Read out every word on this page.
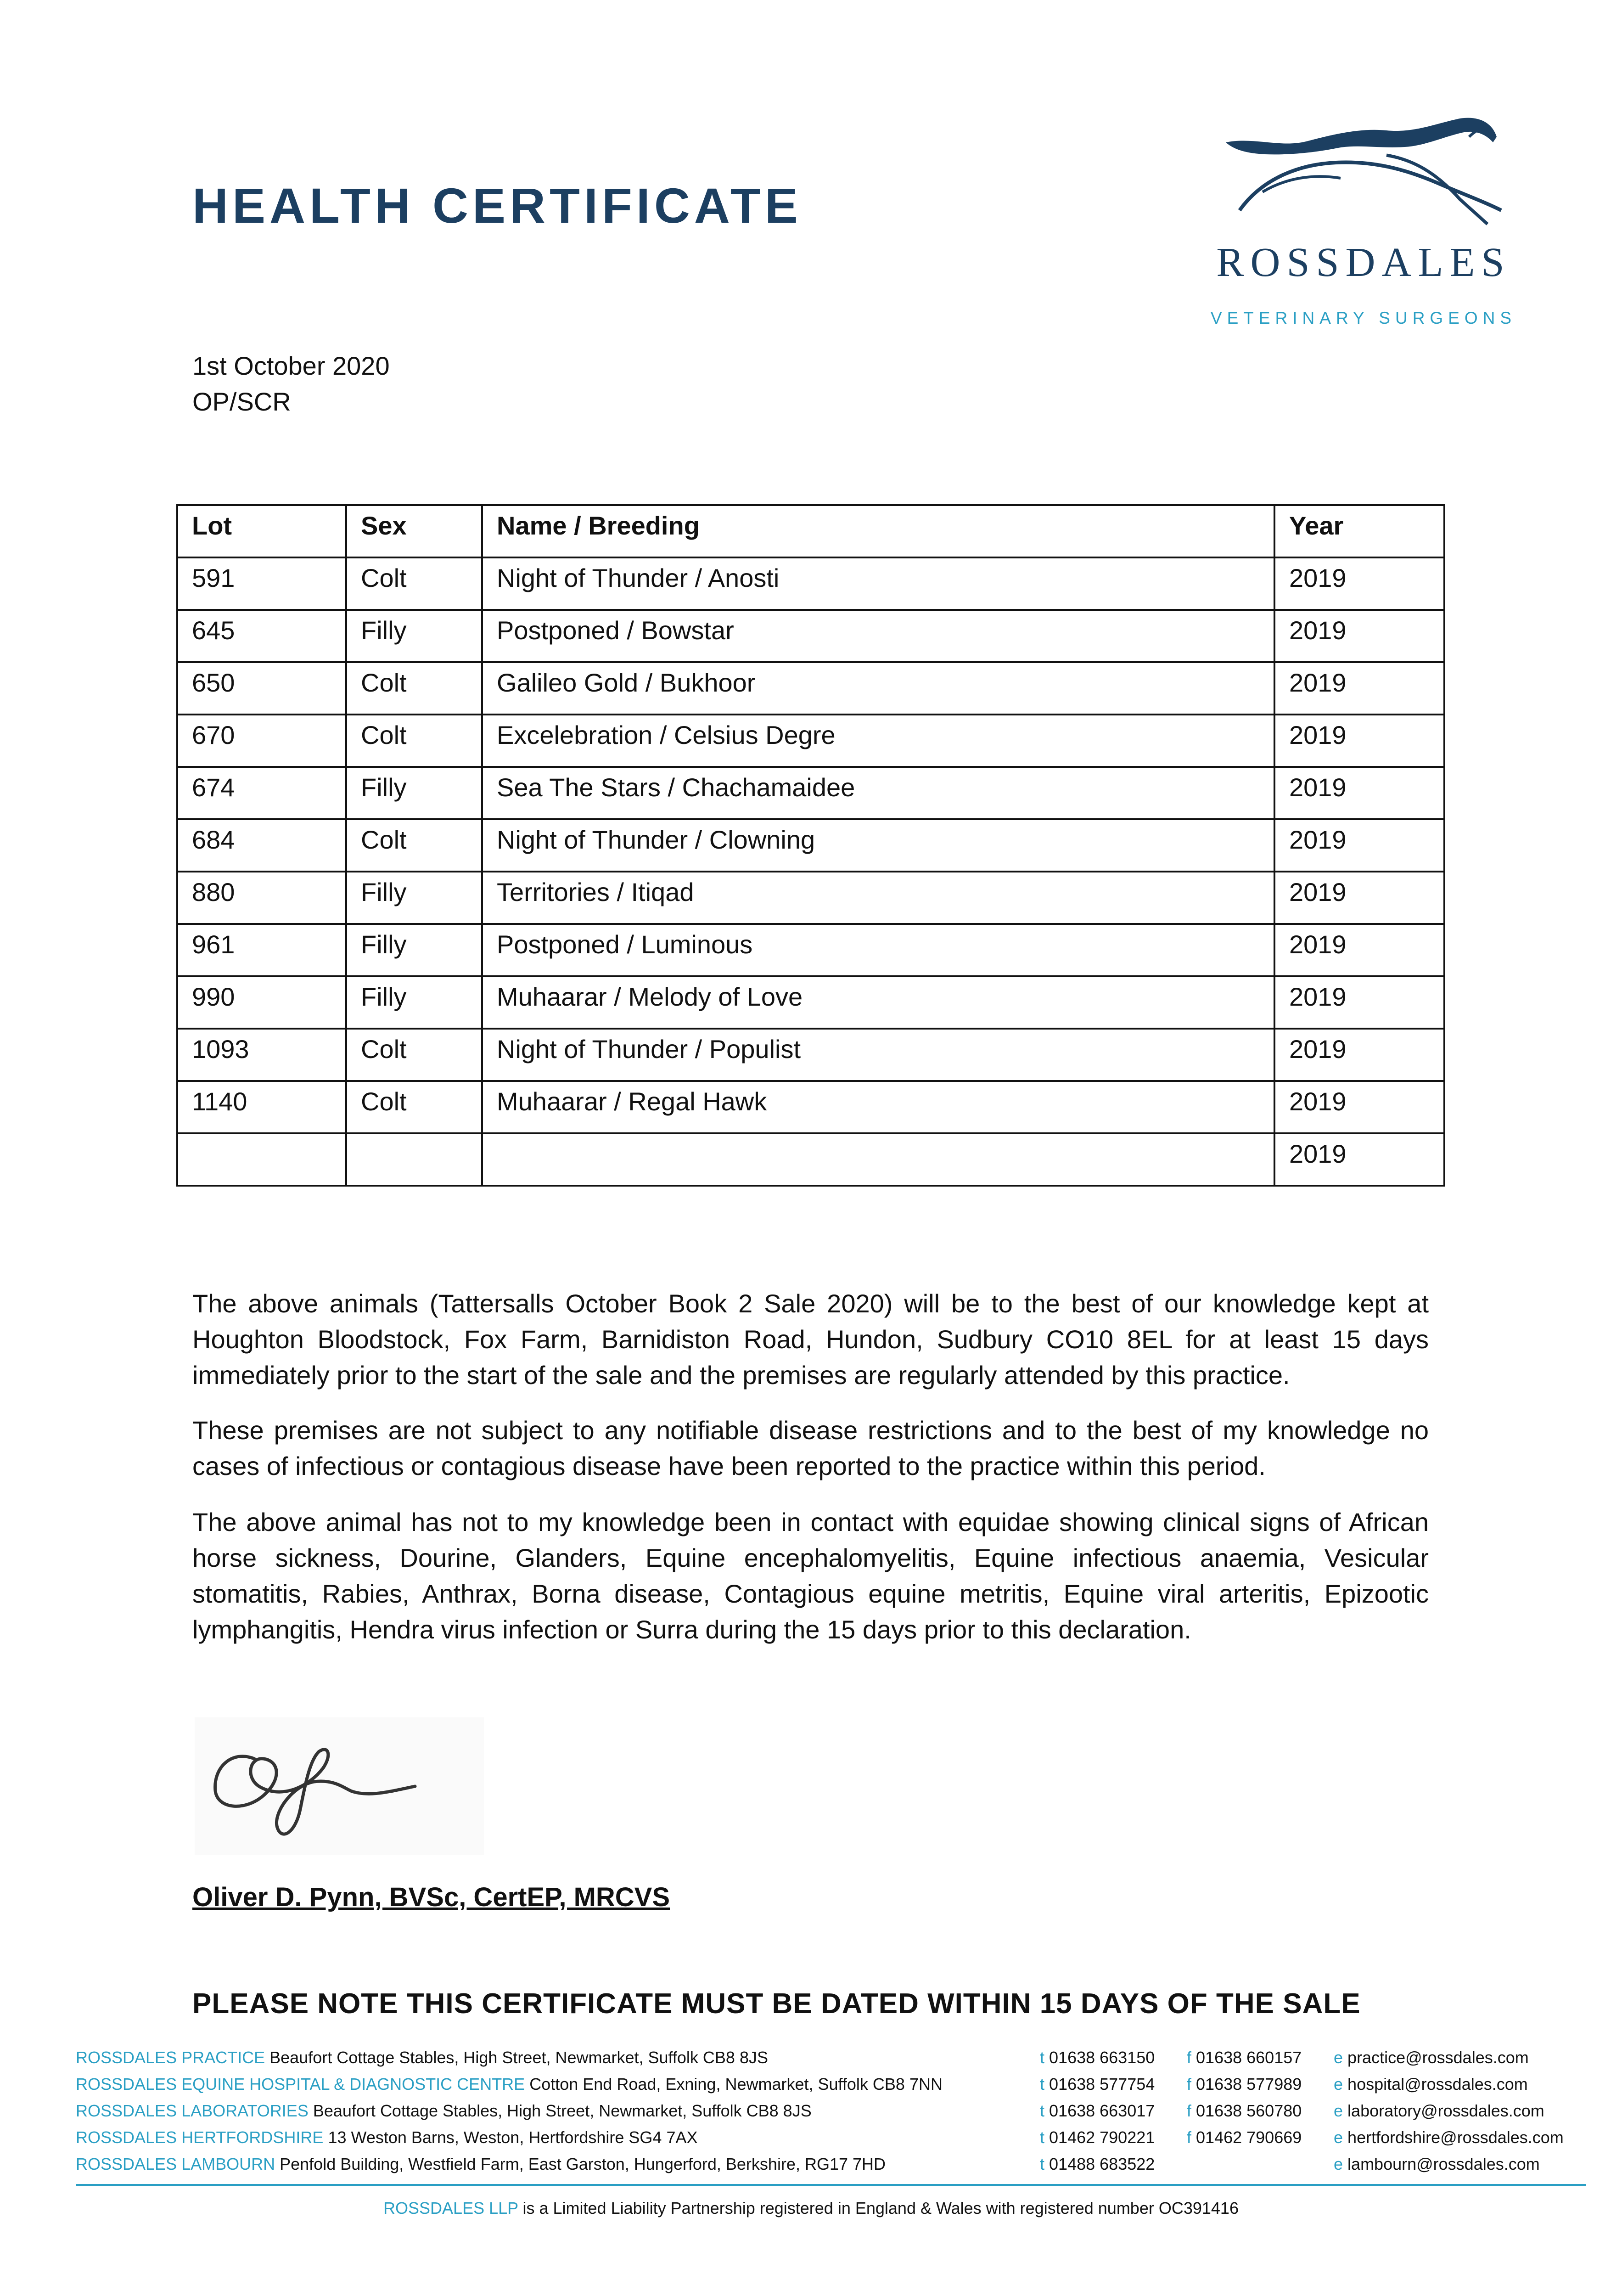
HEALTH CERTIFICATE
ROSSDALES
VETERINARY SURGEONS
1st October 2020
OP/SCR
Lot	Sex	Name / Breeding	Year
591	Colt	Night of Thunder / Anosti	2019
645	Filly	Postponed / Bowstar	2019
650	Colt	Galileo Gold / Bukhoor	2019
670	Colt	Excelebration / Celsius Degre	2019
674	Filly	Sea The Stars / Chachamaidee	2019
684	Colt	Night of Thunder / Clowning	2019
880	Filly	Territories / Itiqad	2019
961	Filly	Postponed / Luminous	2019
990	Filly	Muhaarar / Melody of Love	2019
1093	Colt	Night of Thunder / Populist	2019
1140	Colt	Muhaarar / Regal Hawk	2019
			2019

The above animals (Tattersalls October Book 2 Sale 2020) will be to the best of our knowledge kept at Houghton Bloodstock, Fox Farm, Barnidiston Road, Hundon, Sudbury CO10 8EL for at least 15 days immediately prior to the start of the sale and the premises are regularly attended by this practice.

These premises are not subject to any notifiable disease restrictions and to the best of my knowledge no cases of infectious or contagious disease have been reported to the practice within this period.

The above animal has not to my knowledge been in contact with equidae showing clinical signs of African horse sickness, Dourine, Glanders, Equine encephalomyelitis, Equine infectious anaemia, Vesicular stomatitis, Rabies, Anthrax, Borna disease, Contagious equine metritis, Equine viral arteritis, Epizootic lymphangitis, Hendra virus infection or Surra during the 15 days prior to this declaration.

Oliver D. Pynn, BVSc, CertEP, MRCVS
PLEASE NOTE THIS CERTIFICATE MUST BE DATED WITHIN 15 DAYS OF THE SALE
ROSSDALES PRACTICE Beaufort Cottage Stables, High Street, Newmarket, Suffolk CB8 8JS	t 01638 663150 f 01638 660157 e practice@rossdales.com
ROSSDALES EQUINE HOSPITAL & DIAGNOSTIC CENTRE Cotton End Road, Exning, Newmarket, Suffolk CB8 7NN	t 01638 577754 f 01638 577989 e hospital@rossdales.com
ROSSDALES LABORATORIES Beaufort Cottage Stables, High Street, Newmarket, Suffolk CB8 8JS	t 01638 663017 f 01638 560780 e laboratory@rossdales.com
ROSSDALES HERTFORDSHIRE 13 Weston Barns, Weston, Hertfordshire SG4 7AX	t 01462 790221 f 01462 790669 e hertfordshire@rossdales.com
ROSSDALES LAMBOURN Penfold Building, Westfield Farm, East Garston, Hungerford, Berkshire, RG17 7HD	t 01488 683522	e lambourn@rossdales.com
ROSSDALES LLP is a Limited Liability Partnership registered in England & Wales with registered number OC391416
